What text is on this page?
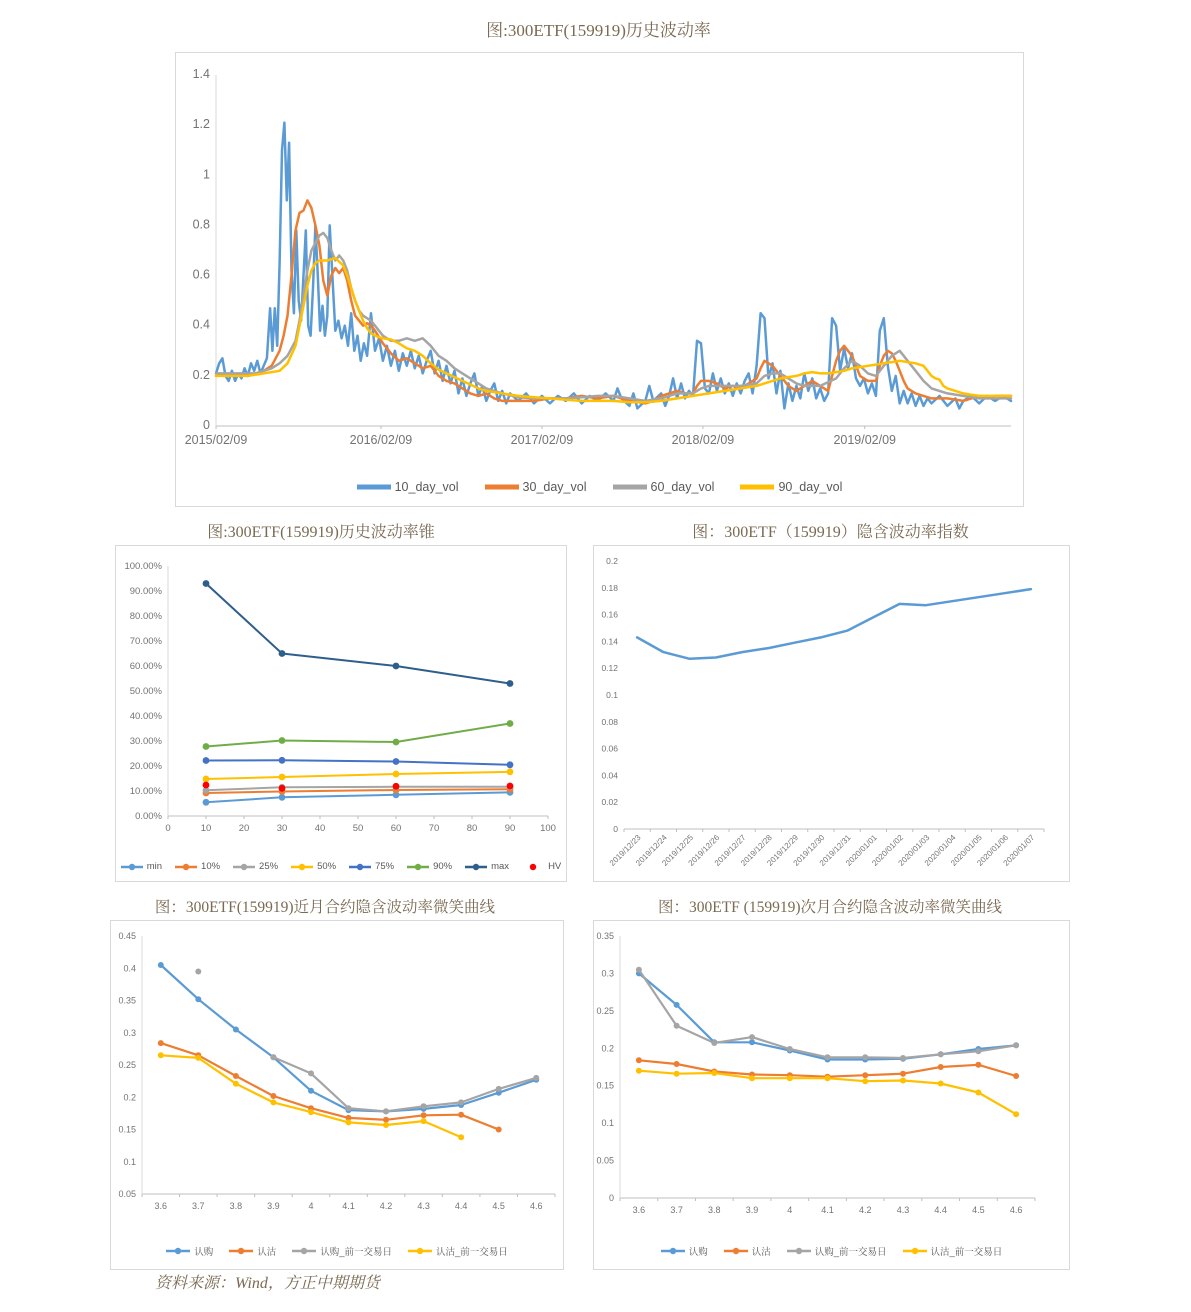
图:300ETF(159919)历史波动率
0
0.2
0.4
0.6
0.8
1
1.2
1.4
2015/02/09	2016/02/09	2017/02/09	2018/02/09	2019/02/09
10_day_vol	30_day_vol	60_day_vol	90_day_vol
图:300ETF(159919)历史波动率锥
0.00%
10.00%
20.00%
30.00%
40.00%
50.00%
60.00%
70.00%
80.00%
90.00%
100.00%
0	10	20	30	40	50	60	70	80	90	100
min	10%	25%	50%	75%	90%	max	HV
图：300ETF（159919）隐含波动率指数
0
0.02
0.04
0.06
0.08
0.1
0.12
0.14
0.16
0.18
0.2
2019/12/23
2019/12/24
2019/12/25
2019/12/26
2019/12/27
2019/12/28
2019/12/29
2019/12/30
2019/12/31
2020/01/01
2020/01/02
2020/01/03
2020/01/04
2020/01/05
2020/01/06
2020/01/07
图：300ETF(159919)近月合约隐含波动率微笑曲线
0.05
0.1
0.15
0.2
0.25
0.3
0.35
0.4
0.45
3.6	3.7	3.8	3.9	4	4.1	4.2	4.3	4.4	4.5	4.6
认购	认沽	认购_前一交易日	认沽_前一交易日
图：300ETF (159919)次月合约隐含波动率微笑曲线
0
0.05
0.1
0.15
0.2
0.25
0.3
0.35
3.6	3.7	3.8	3.9	4	4.1	4.2	4.3	4.4	4.5	4.6
认购	认沽	认购_前一交易日	认沽_前一交易日
资料来源：Wind，方正中期期货
